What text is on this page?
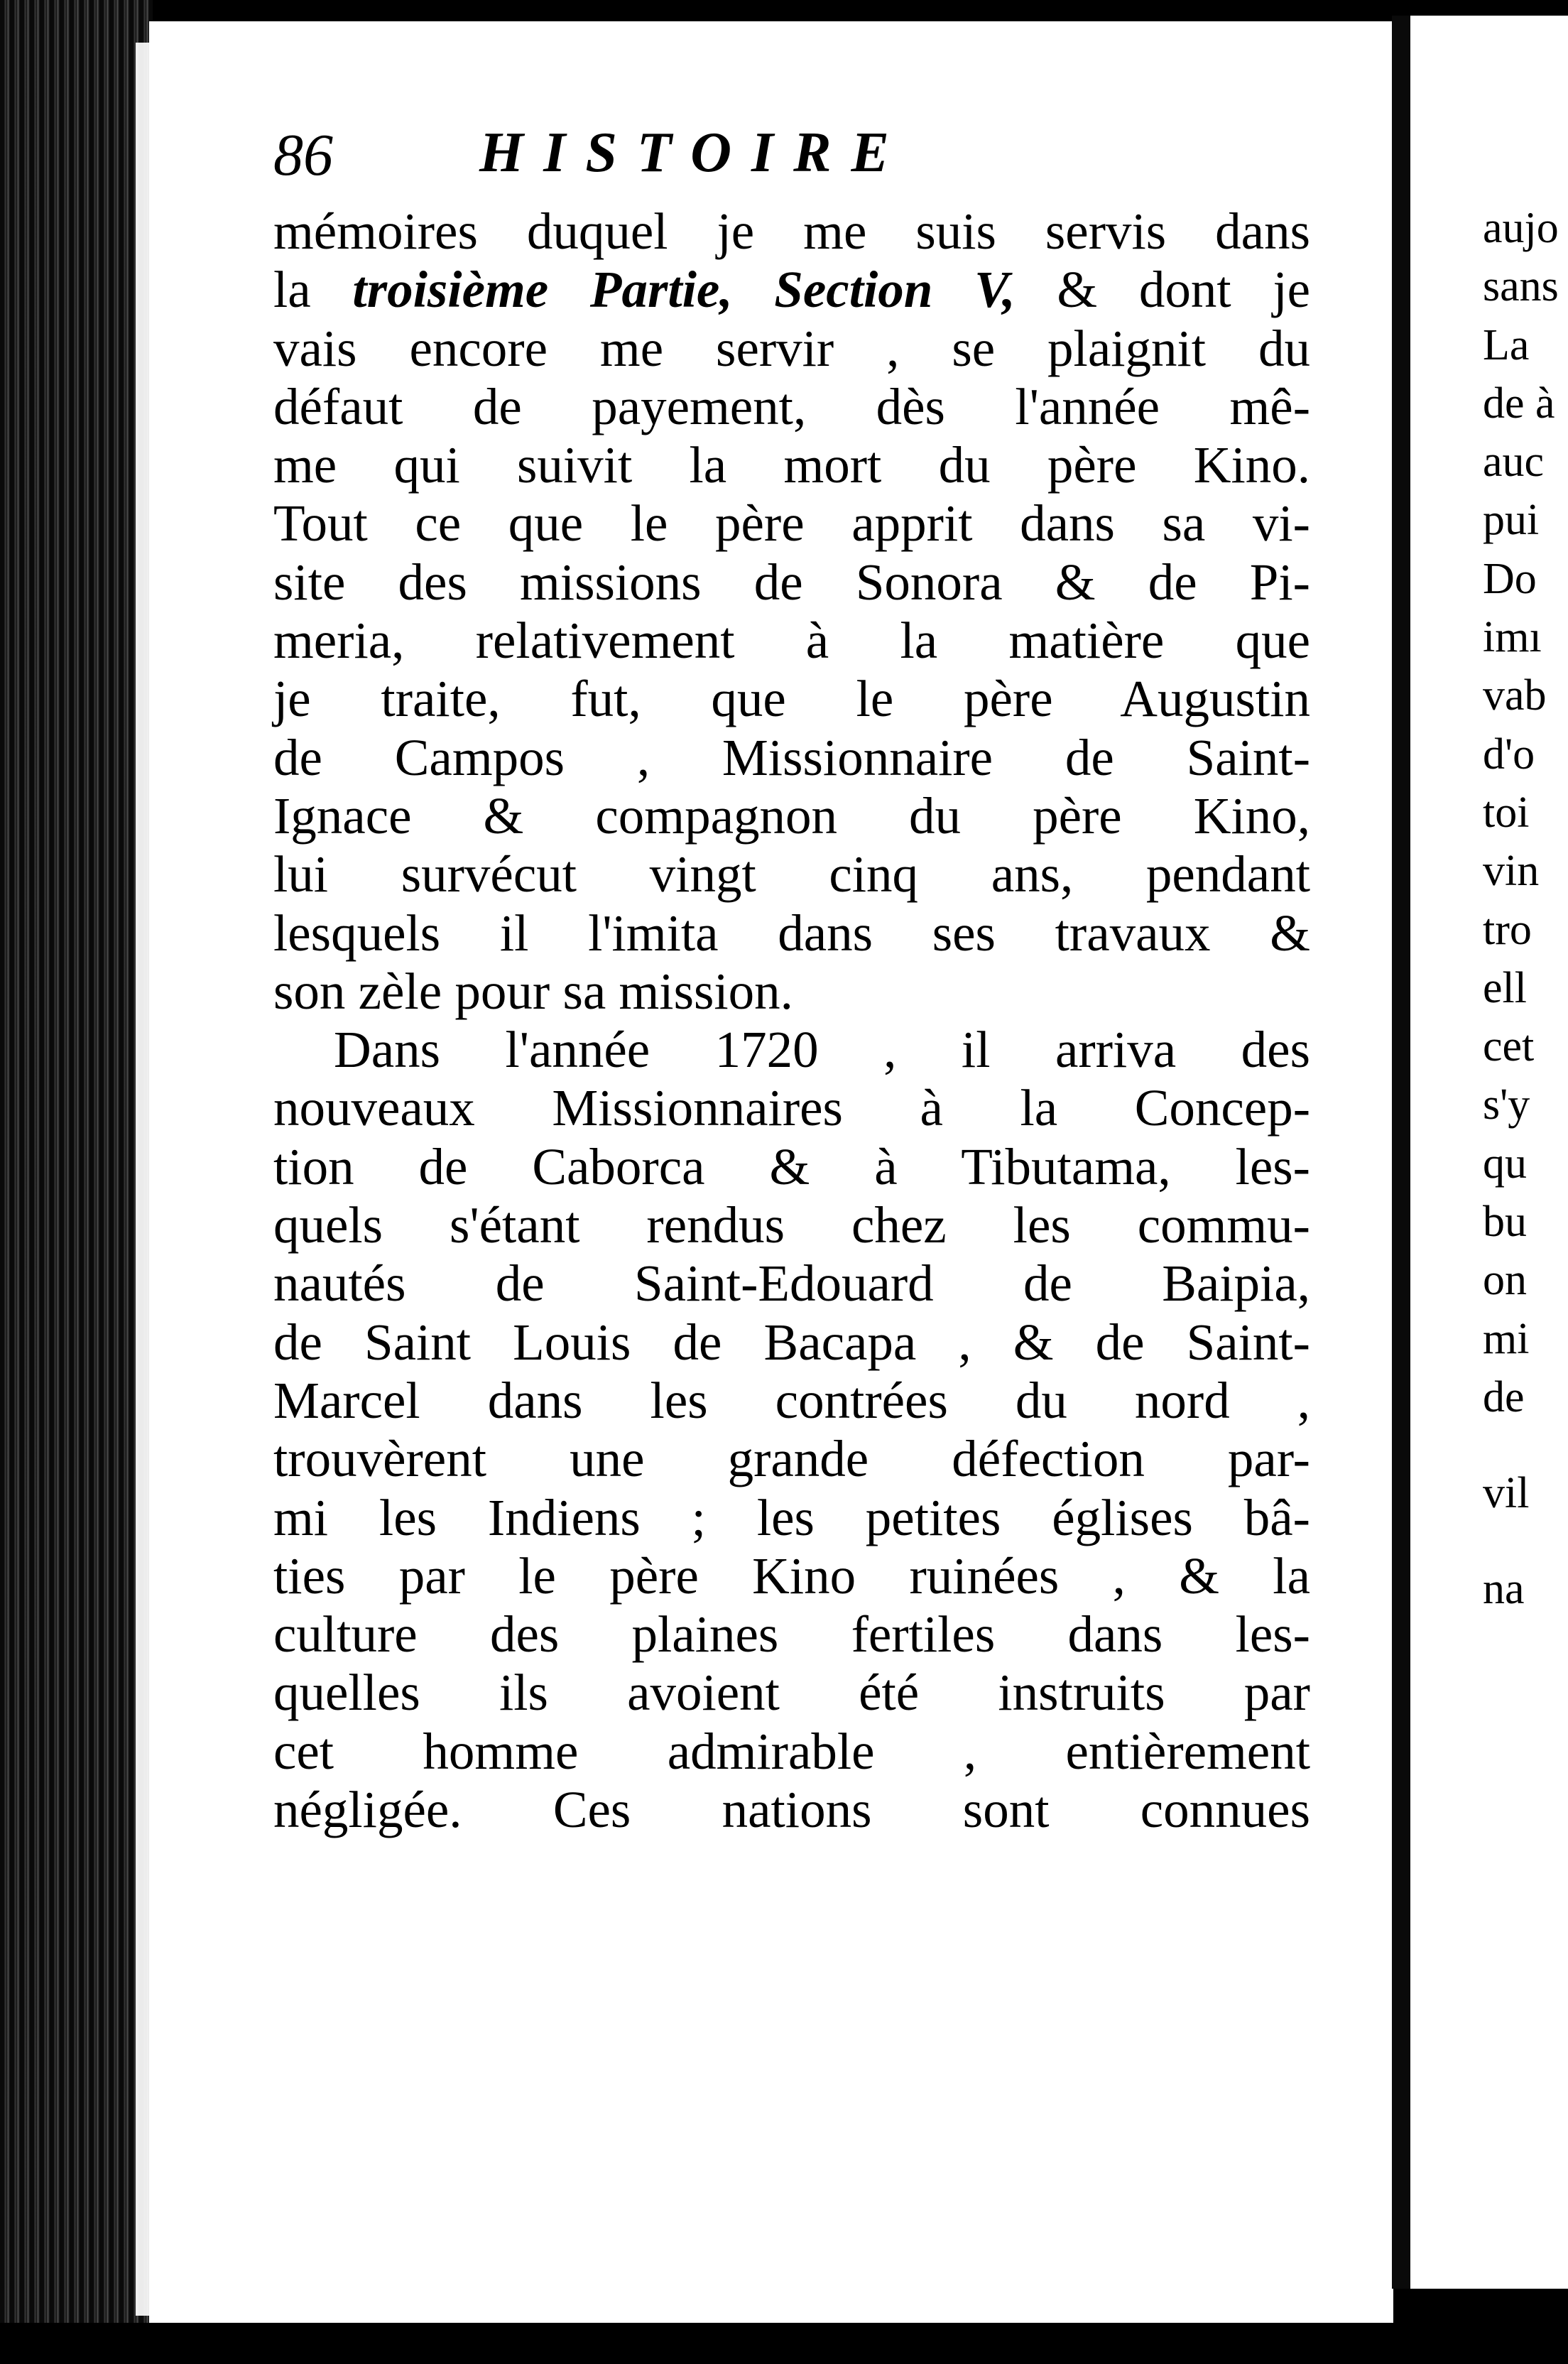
86	HISTOIRE
mémoires duquel je me suis servis dans
la troisième Partie, Section V, & dont je
vais encore me servir , se plaignit du
défaut de payement, dès l'année mê-
me qui suivit la mort du père Kino.
Tout ce que le père apprit dans sa vi-
site des missions de Sonora & de Pi-
meria, relativement à la matière que
je traite, fut, que le père Augustin
de Campos , Missionnaire de Saint-
Ignace & compagnon du père Kino,
lui survécut vingt cinq ans, pendant
lesquels il l'imita dans ses travaux &
son zèle pour sa mission.
Dans l'année 1720 , il arriva des
nouveaux Missionnaires à la Concep-
tion de Caborca & à Tibutama, les-
quels s'étant rendus chez les commu-
nautés de Saint-Edouard de Baipia,
de Saint Louis de Bacapa , & de Saint-
Marcel dans les contrées du nord ,
trouvèrent une grande défection par-
mi les Indiens ; les petites églises bâ-
ties par le père Kino ruinées , & la
culture des plaines fertiles dans les-
quelles ils avoient été instruits par
cet homme admirable , entièrement
négligée. Ces nations sont connues
aujo
sans
La
de à
auc
pui
Do
imı
vab
d'o
toi
vin
tro
ell
cet
s'y
qu
bu
on
mi
de
vil
na
